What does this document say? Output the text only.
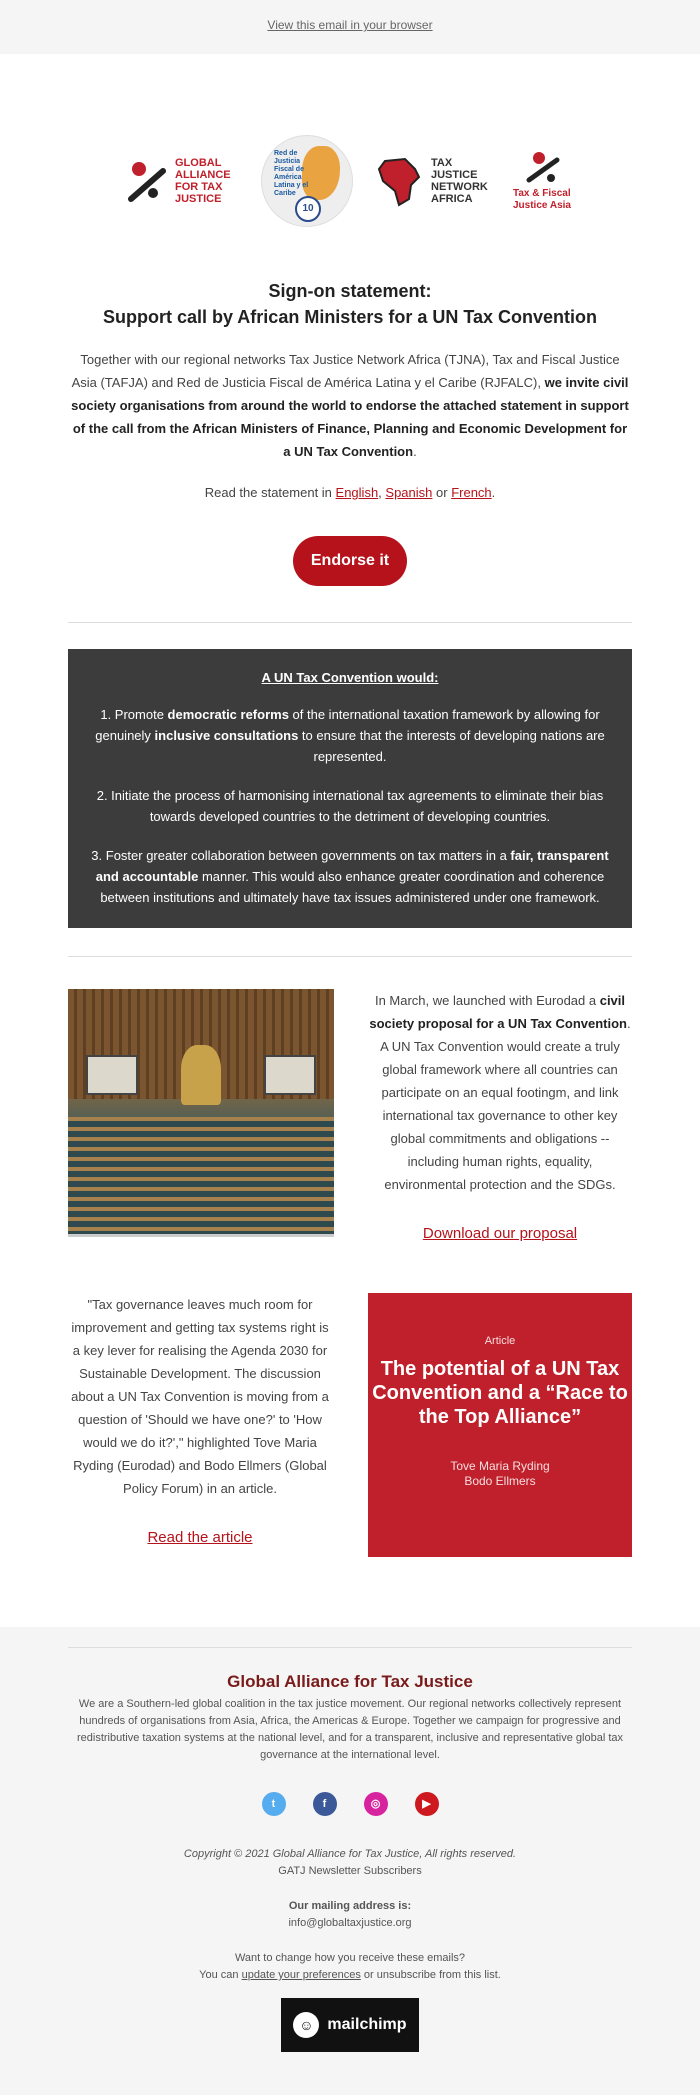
View this email in your browser
GLOBAL ALLIANCE FOR TAX JUSTICE
Red de Justicia Fiscal de América Latina y el Caribe
10
TAX JUSTICE NETWORK AFRICA	Tax & Fiscal Justice Asia
Sign-on statement:
Support call by African Ministers for a UN Tax Convention

Together with our regional networks Tax Justice Network Africa (TJNA), Tax and Fiscal Justice Asia (TAFJA) and Red de Justicia Fiscal de América Latina y el Caribe (RJFALC), we invite civil society organisations from around the world to endorse the attached statement in support of the call from the African Ministers of Finance, Planning and Economic Development for a UN Tax Convention.

Read the statement in English, Spanish or French.

Endorse it
A UN Tax Convention would:

1. Promote democratic reforms of the international taxation framework by allowing for genuinely inclusive consultations to ensure that the interests of developing nations are represented.

2. Initiate the process of harmonising international tax agreements to eliminate their bias towards developed countries to the detriment of developing countries.

3. Foster greater collaboration between governments on tax matters in a fair, transparent and accountable manner. This would also enhance greater coordination and coherence between institutions and ultimately have tax issues administered under one framework.

In March, we launched with Eurodad a civil society proposal for a UN Tax Convention. A UN Tax Convention would create a truly global framework where all countries can participate on an equal footingm, and link international tax governance to other key global commitments and obligations -- including human rights, equality, environmental protection and the SDGs.

Download our proposal

"Tax governance leaves much room for improvement and getting tax systems right is a key lever for realising the Agenda 2030 for Sustainable Development. The discussion about a UN Tax Convention is moving from a question of 'Should we have one?' to 'How would we do it?'," highlighted Tove Maria Ryding (Eurodad) and Bodo Ellmers (Global Policy Forum) in an article.

Read the article
Article
The potential of a UN Tax Convention and a “Race to the Top Alliance”
Tove Maria Ryding
Bodo Ellmers
Global Alliance for Tax Justice

We are a Southern-led global coalition in the tax justice movement. Our regional networks collectively represent hundreds of organisations from Asia, Africa, the Americas & Europe. Together we campaign for progressive and redistributive taxation systems at the national level, and for a transparent, inclusive and representative global tax governance at the international level.

t	f	◎	▶

Copyright © 2021 Global Alliance for Tax Justice, All rights reserved.

GATJ Newsletter Subscribers

Our mailing address is:

info@globaltaxjustice.org

Want to change how you receive these emails?

You can update your preferences or unsubscribe from this list.

☺ mailchimp
